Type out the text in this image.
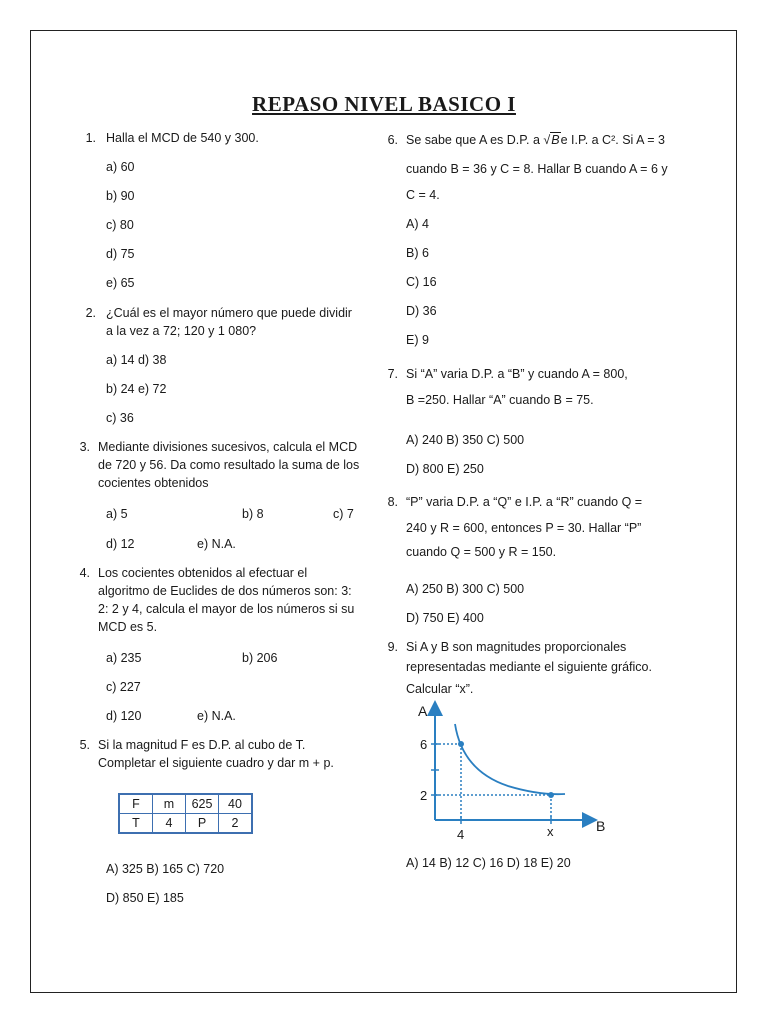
REPASO NIVEL BASICO I
1. Halla el MCD de 540 y 300.
a) 60
b) 90
c) 80
d) 75
e) 65
2. ¿Cuál es el mayor número que puede dividir
a la vez a 72; 120 y 1 080?
a) 14 d) 38
b) 24 e) 72
c) 36
3. Mediante divisiones sucesivos, calcula el MCD
de 720 y 56. Da como resultado la suma de los
cocientes obtenidos
a) 5	b) 8	c) 7
d) 12	e) N.A.
4. Los cocientes obtenidos al efectuar el
algoritmo de Euclides de dos números son: 3:
2: 2 y 4, calcula el mayor de los números si su
MCD es 5.
a) 235	b) 206
c) 227
d) 120	e) N.A.
5. Si la magnitud F es D.P. al cubo de T.
Completar el siguiente cuadro y dar m + p.
F	m	625	40
T	4	P	2
A) 325 B) 165 C) 720
D) 850 E) 185
6. Se sabe que A es D.P. a √Be I.P. a C². Si A = 3
cuando B = 36 y C = 8. Hallar B cuando A = 6 y
C = 4.
A) 4
B) 6
C) 16
D) 36
E) 9
7. Si “A” varia D.P. a “B” y cuando A = 800,
B =250. Hallar “A” cuando B = 75.
A) 240 B) 350 C) 500
D) 800 E) 250
8. “P” varia D.P. a “Q” e I.P. a “R” cuando Q =
240 y R = 600, entonces P = 30. Hallar “P”
cuando Q = 500 y R = 150.
A) 250 B) 300 C) 500
D) 750 E) 400
9. Si A y B son magnitudes proporcionales
representadas mediante el siguiente gráfico.
Calcular “x”.
A
B
6
2
4	x
A) 14 B) 12 C) 16 D) 18 E) 20
